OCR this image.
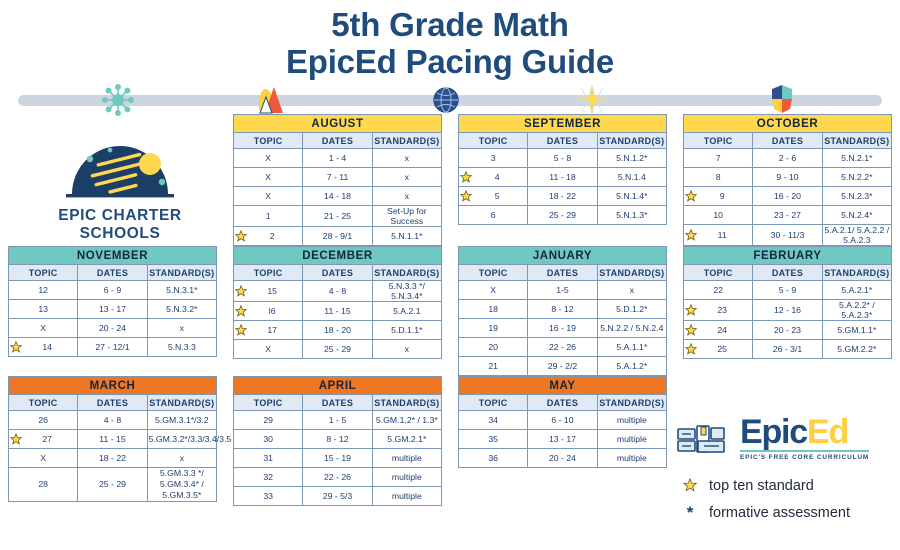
5th Grade Math
EpicEd Pacing Guide
EPIC CHARTER
SCHOOLS
AUGUST		
TOPIC	DATES	STANDARD(S)
X	1 - 4	x
X	7 - 11	x
X	14 - 18	x
1	21 - 25	Set-Up for Success

2	28 - 9/1	5.N.1.1*
SEPTEMBER		
TOPIC	DATES	STANDARD(S)
3	5 - 8	5.N.1.2*

4	11 - 18	5.N.1.4

5	18 - 22	5.N.1.4*
6	25 - 29	5.N.1.3*
OCTOBER		
TOPIC	DATES	STANDARD(S)
7	2 - 6	5.N.2.1*
8	9 - 10	5.N.2.2*

9	16 - 20	5.N.2.3*
10	23 - 27	5.N.2.4*

11	30 - 11/3	5.A.2.1/ 5.A.2.2 / 5.A.2.3
NOVEMBER		
TOPIC	DATES	STANDARD(S)
12	6 - 9	5.N.3.1*
13	13 - 17	5.N.3.2*
X	20 - 24	x

14	27 - 12/1	5.N.3.3
DECEMBER		
TOPIC	DATES	STANDARD(S)

15	4 - 8	5.N.3.3 */ 5.N.3.4*

l6	11 - 15	5.A.2.1

17	18 - 20	5.D.1.1*
X	25 - 29	x
JANUARY		
TOPIC	DATES	STANDARD(S)
X	1-5	x
18	8 - 12	5.D.1.2*
19	16 - 19	5.N.2.2 / 5.N.2.4
20	22 - 26	5.A.1.1*
21	29 - 2/2	5.A.1.2*
FEBRUARY		
TOPIC	DATES	STANDARD(S)
22	5 - 9	5.A.2.1*

23	12 - 16	5.A.2.2* / 5.A.2.3*

24	20 - 23	5.GM.1.1*

25	26 - 3/1	5.GM.2.2*
MARCH		
TOPIC	DATES	STANDARD(S)
26	4 - 8	5.GM.3.1*/3.2

27	11 - 15	5.GM.3.2*/3.3/3.4/3.5
X	18 - 22	x
28	25 - 29	5.GM.3.3 */ 5.GM.3.4* / 5.GM.3.5*
APRIL		
TOPIC	DATES	STANDARD(S)
29	1 - 5	5.GM.1.2* / 1.3*
30	8 - 12	5.GM.2.1*
31	15 - 19	multiple
32	22 - 26	multiple
33	29 - 5/3	multiple
MAY		
TOPIC	DATES	STANDARD(S)
34	6 - 10	multiple
35	13 - 17	multiple
36	20 - 24	multiple
EpicEd
EPIC'S FREE CORE CURRICULUM
top ten standard
*	formative assessment
